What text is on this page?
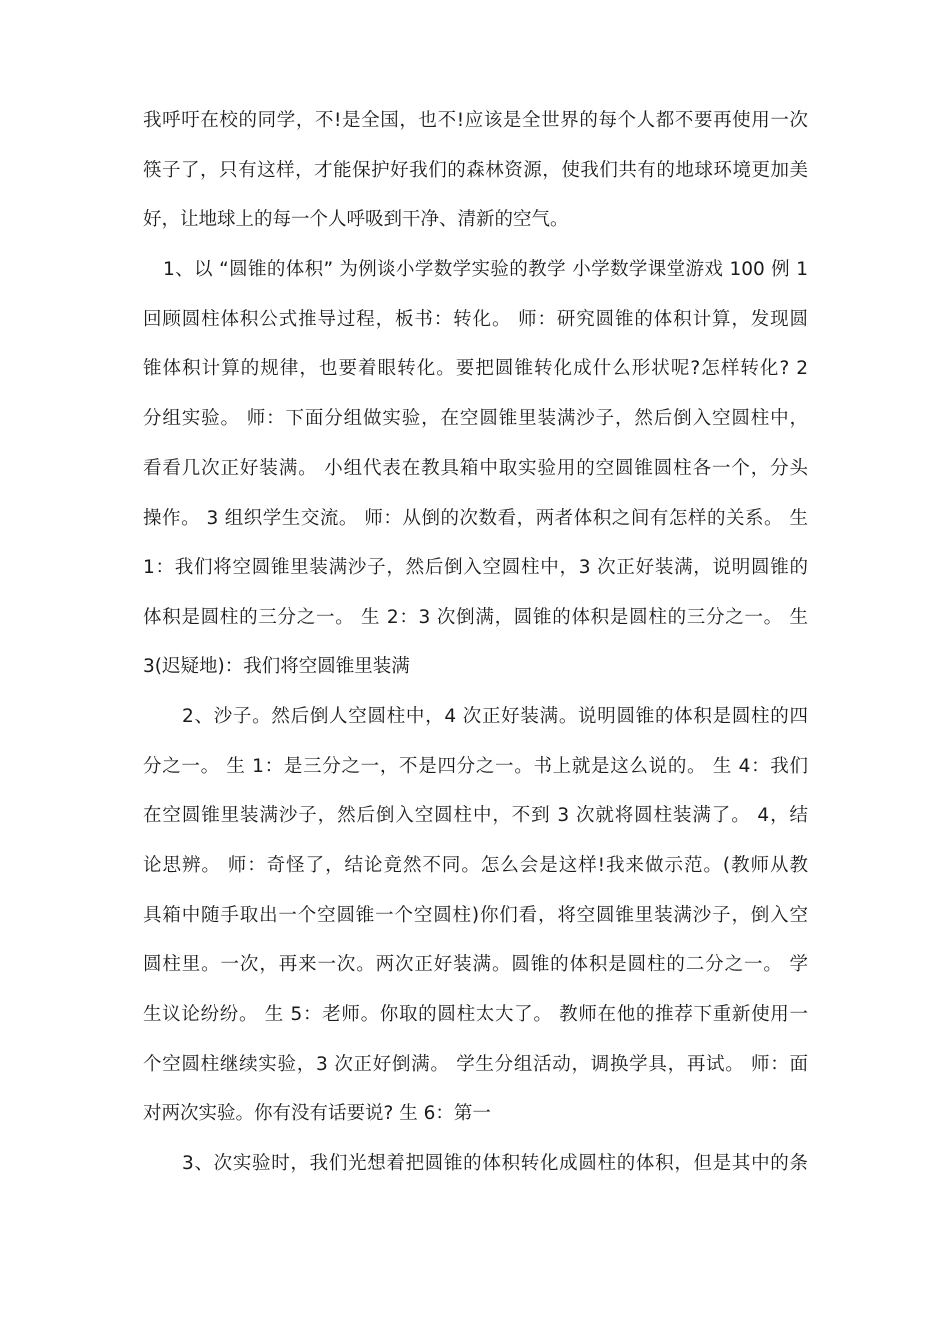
我呼吁在校的同学，不!是全国，也不!应该是全世界的每个人都不要再使用一次
筷子了，只有这样，才能保护好我们的森林资源，使我们共有的地球环境更加美
好，让地球上的每一个人呼吸到干净、清新的空气。
1、以 “圆锥的体积” 为例谈小学数学实验的教学 小学数学课堂游戏 100 例 1
回顾圆柱体积公式推导过程，板书：转化。 师：研究圆锥的体积计算，发现圆
锥体积计算的规律，也要着眼转化。要把圆锥转化成什么形状呢?怎样转化? 2
分组实验。 师：下面分组做实验，在空圆锥里装满沙子，然后倒入空圆柱中，
看看几次正好装满。 小组代表在教具箱中取实验用的空圆锥圆柱各一个，分头
操作。 3 组织学生交流。 师：从倒的次数看，两者体积之间有怎样的关系。 生
1：我们将空圆锥里装满沙子，然后倒入空圆柱中，3 次正好装满，说明圆锥的
体积是圆柱的三分之一。 生 2：3 次倒满，圆锥的体积是圆柱的三分之一。 生
3(迟疑地)：我们将空圆锥里装满
2、沙子。然后倒人空圆柱中，4 次正好装满。说明圆锥的体积是圆柱的四
分之一。 生 1：是三分之一，不是四分之一。书上就是这么说的。 生 4：我们
在空圆锥里装满沙子，然后倒入空圆柱中，不到 3 次就将圆柱装满了。 4，结
论思辨。 师：奇怪了，结论竟然不同。怎么会是这样!我来做示范。(教师从教
具箱中随手取出一个空圆锥一个空圆柱)你们看，将空圆锥里装满沙子，倒入空
圆柱里。一次，再来一次。两次正好装满。圆锥的体积是圆柱的二分之一。 学
生议论纷纷。 生 5：老师。你取的圆柱太大了。 教师在他的推荐下重新使用一
个空圆柱继续实验，3 次正好倒满。 学生分组活动，调换学具，再试。 师：面
对两次实验。你有没有话要说? 生 6：第一
3、次实验时，我们光想着把圆锥的体积转化成圆柱的体积，但是其中的条
